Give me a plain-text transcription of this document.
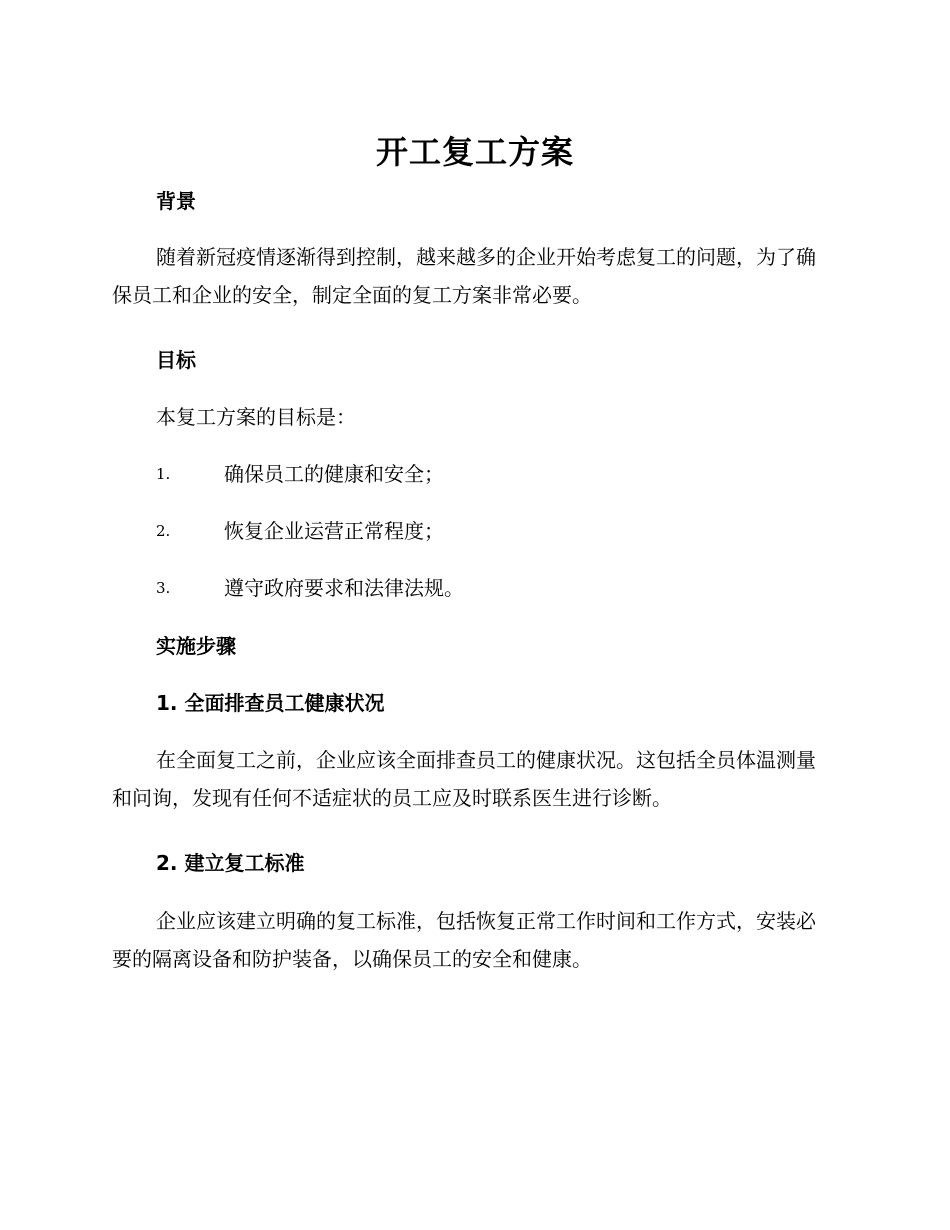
开工复工方案
背景
随着新冠疫情逐渐得到控制，越来越多的企业开始考虑复工的问题，为了确保员工和企业的安全，制定全面的复工方案非常必要。
目标
本复工方案的目标是：
1.	确保员工的健康和安全；
2.	恢复企业运营正常程度；
3.	遵守政府要求和法律法规。
实施步骤
1. 全面排查员工健康状况
在全面复工之前，企业应该全面排查员工的健康状况。这包括全员体温测量和问询，发现有任何不适症状的员工应及时联系医生进行诊断。
2. 建立复工标准
企业应该建立明确的复工标准，包括恢复正常工作时间和工作方式，安装必要的隔离设备和防护装备，以确保员工的安全和健康。
